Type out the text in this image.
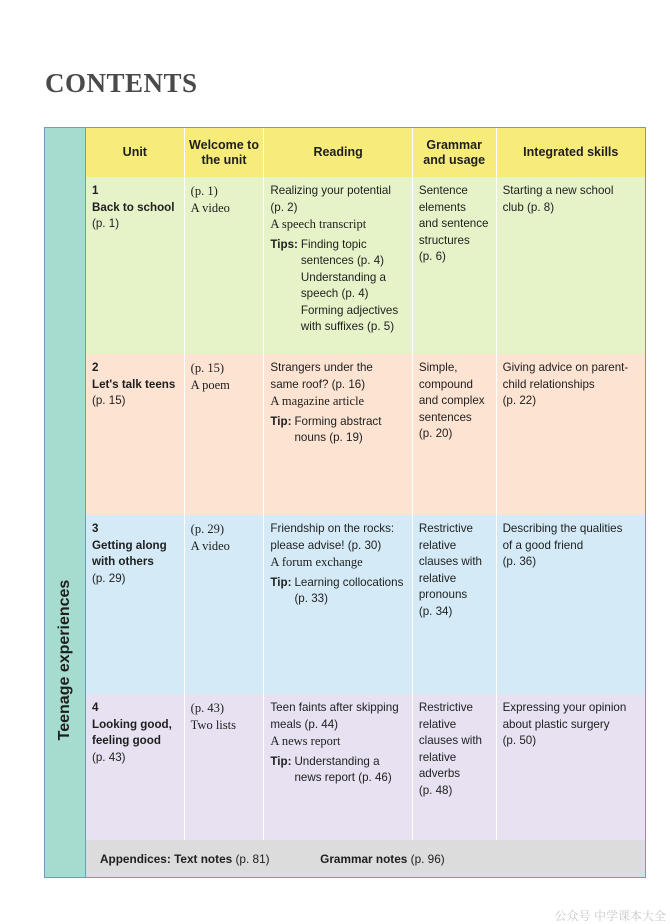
CONTENTS
Teenage experiences
Unit
Welcome to the unit
Reading
Grammar and usage
Integrated skills
1
Back to school
(p. 1)
(p. 1)
A video
Realizing your potential
(p. 2)
A speech transcript
Tips: Finding topic
sentences (p. 4)
Understanding a
speech (p. 4)
Forming adjectives
with suffixes (p. 5)
Sentence
elements
and sentence
structures
(p. 6)
Starting a new school
club (p. 8)
2
Let's talk teens
(p. 15)
(p. 15)
A poem
Strangers under the
same roof? (p. 16)
A magazine article
Tip: Forming abstract
nouns (p. 19)
Simple,
compound
and complex
sentences
(p. 20)
Giving advice on parent-
child relationships
(p. 22)
3
Getting along
with others
(p. 29)
(p. 29)
A video
Friendship on the rocks:
please advise! (p. 30)
A forum exchange
Tip: Learning collocations
(p. 33)
Restrictive
relative
clauses with
relative
pronouns
(p. 34)
Describing the qualities
of a good friend
(p. 36)
4
Looking good,
feeling good
(p. 43)
(p. 43)
Two lists
Teen faints after skipping
meals (p. 44)
A news report
Tip: Understanding a
news report (p. 46)
Restrictive
relative
clauses with
relative
adverbs
(p. 48)
Expressing your opinion
about plastic surgery
(p. 50)
Appendices: Text notes (p. 81)	Grammar notes (p. 96)
公众号 中学课本大全
